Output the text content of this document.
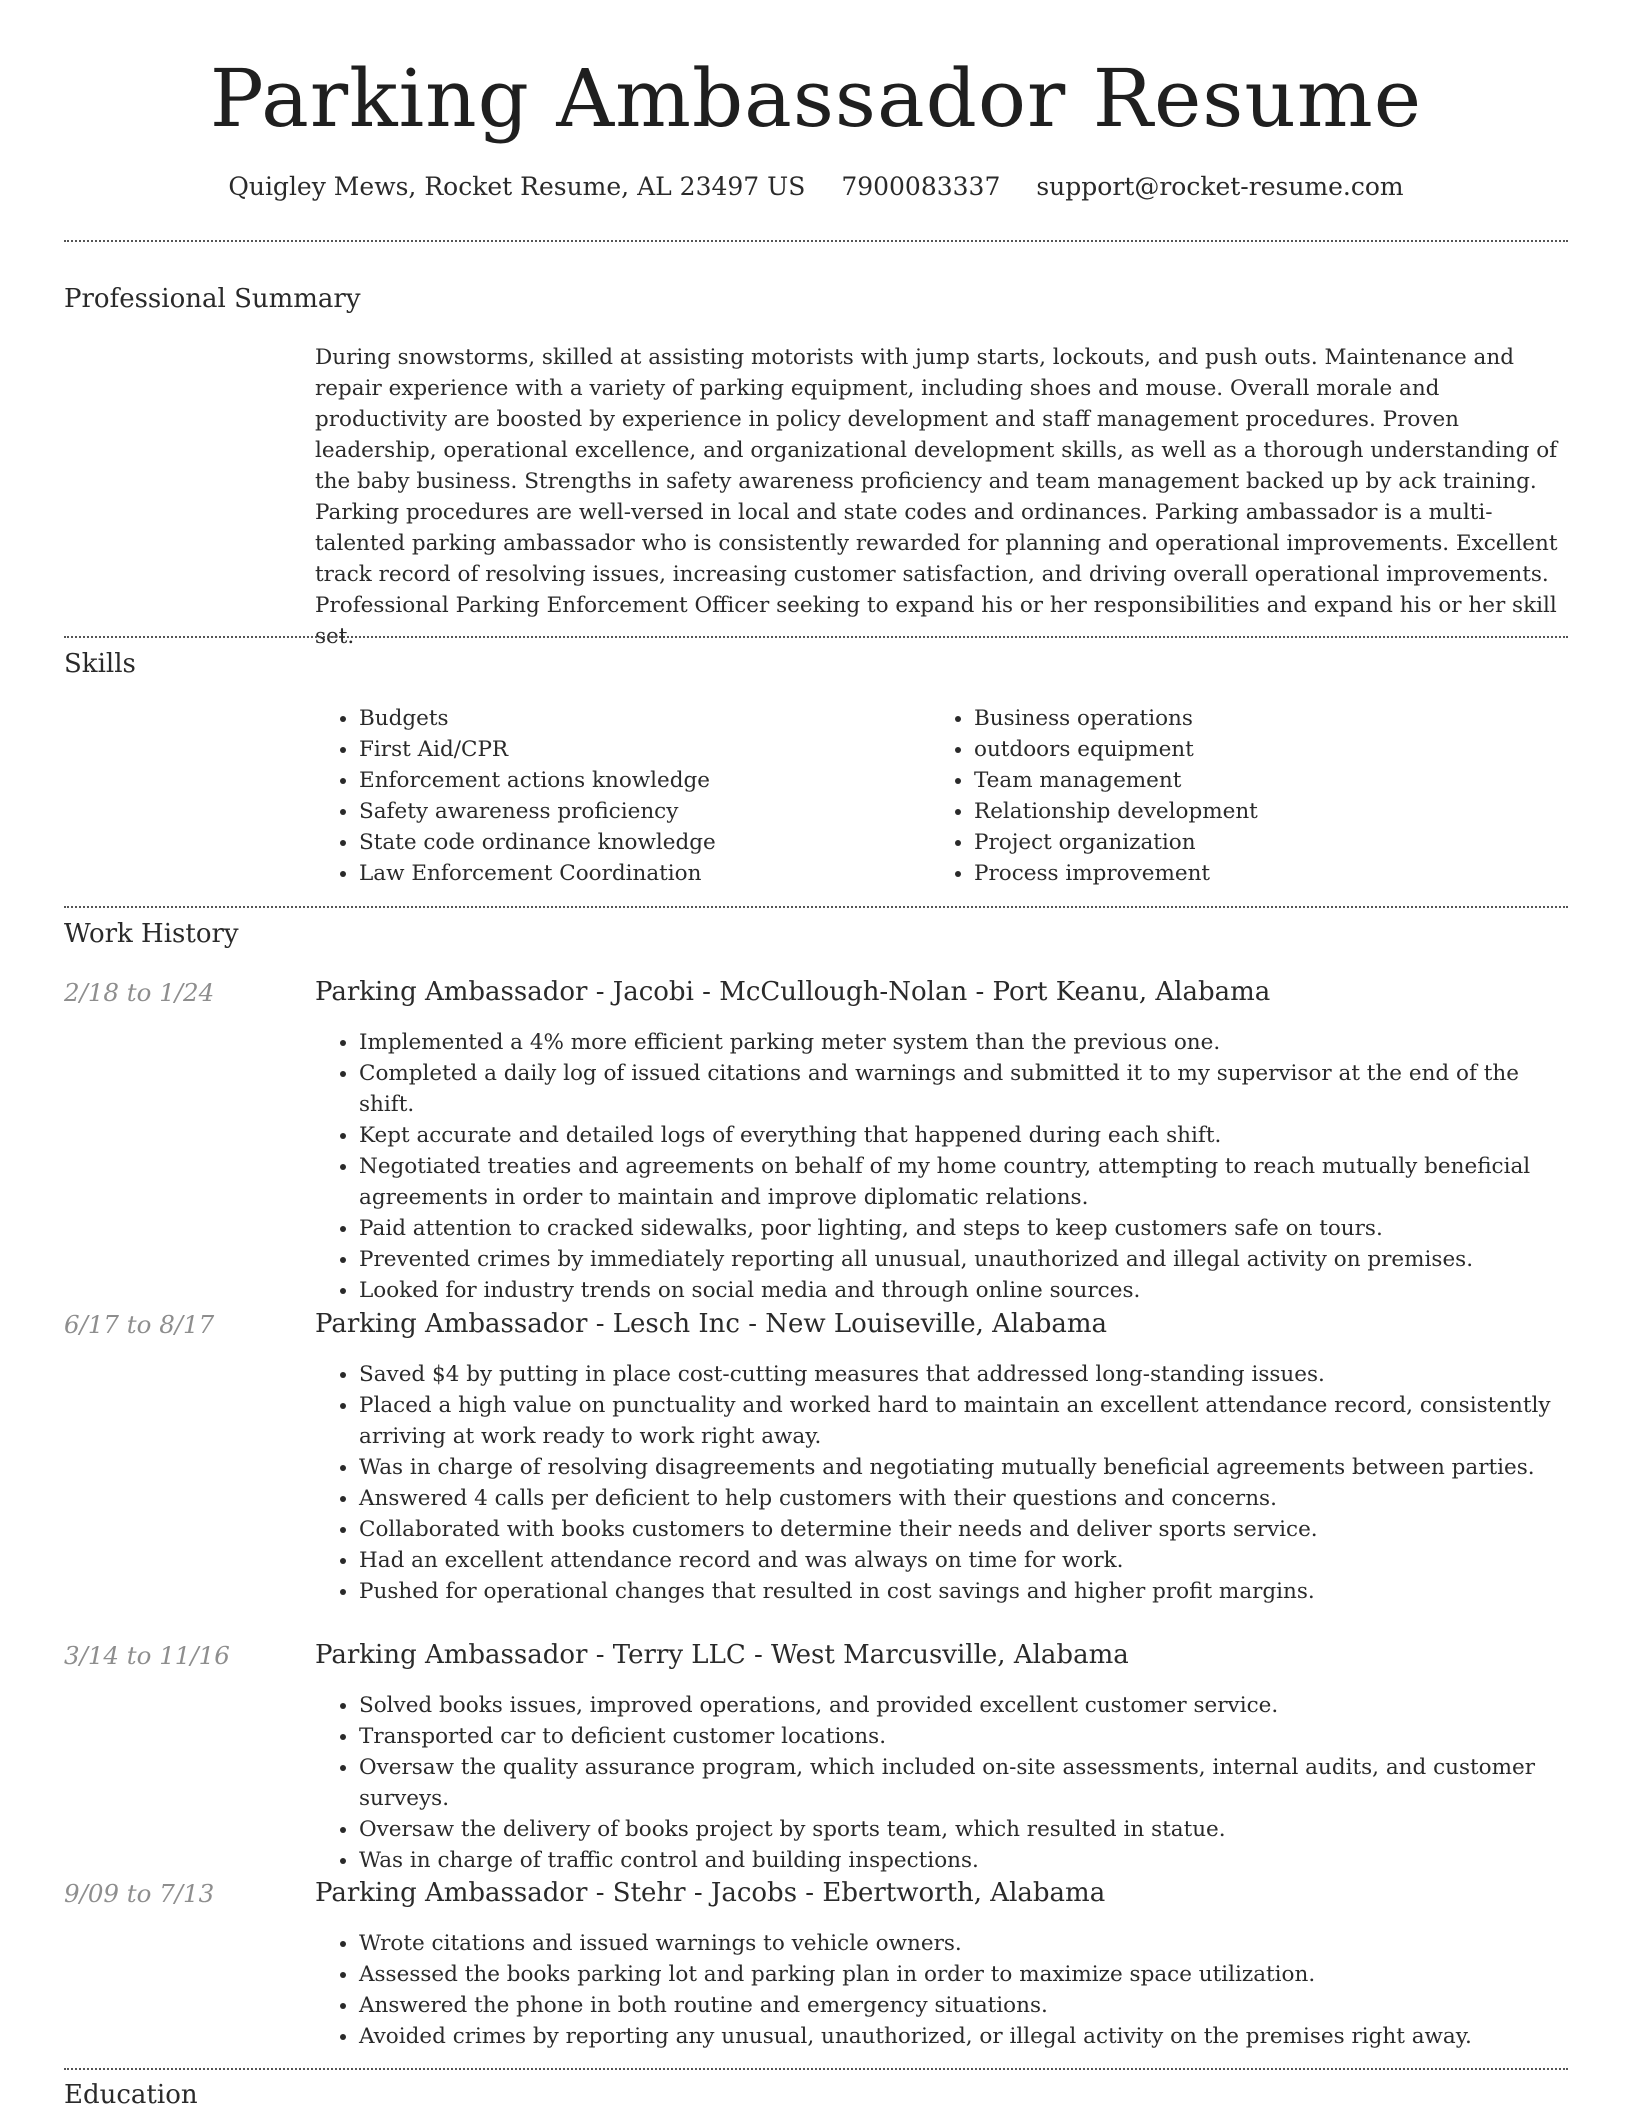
Parking Ambassador Resume
Quigley Mews, Rocket Resume, AL 23497 US 7900083337 support@rocket-resume.com
Professional Summary

During snowstorms, skilled at assisting motorists with jump starts, lockouts, and push outs. Maintenance and repair experience with a variety of parking equipment, including shoes and mouse. Overall morale and productivity are boosted by experience in policy development and staff management procedures. Proven leadership, operational excellence, and organizational development skills, as well as a thorough understanding of the baby business. Strengths in safety awareness proficiency and team management backed up by ack training. Parking procedures are well-versed in local and state codes and ordinances. Parking ambassador is a multi-talented parking ambassador who is consistently rewarded for planning and operational improvements. Excellent track record of resolving issues, increasing customer satisfaction, and driving overall operational improvements. Professional Parking Enforcement Officer seeking to expand his or her responsibilities and expand his or her skill set.

Skills
• Budgets
• First Aid/CPR
• Enforcement actions knowledge
• Safety awareness proficiency
• State code ordinance knowledge
• Law Enforcement Coordination
• Business operations
• outdoors equipment
• Team management
• Relationship development
• Project organization
• Process improvement
Work History
2/18 to 1/24	Parking Ambassador - Jacobi - McCullough-Nolan - Port Keanu, Alabama
• Implemented a 4% more efficient parking meter system than the previous one.
• Completed a daily log of issued citations and warnings and submitted it to my supervisor at the end of the shift.
• Kept accurate and detailed logs of everything that happened during each shift.
• Negotiated treaties and agreements on behalf of my home country, attempting to reach mutually beneficial agreements in order to maintain and improve diplomatic relations.
• Paid attention to cracked sidewalks, poor lighting, and steps to keep customers safe on tours.
• Prevented crimes by immediately reporting all unusual, unauthorized and illegal activity on premises.
• Looked for industry trends on social media and through online sources.
6/17 to 8/17	Parking Ambassador - Lesch Inc - New Louiseville, Alabama
• Saved $4 by putting in place cost-cutting measures that addressed long-standing issues.
• Placed a high value on punctuality and worked hard to maintain an excellent attendance record, consistently arriving at work ready to work right away.
• Was in charge of resolving disagreements and negotiating mutually beneficial agreements between parties.
• Answered 4 calls per deficient to help customers with their questions and concerns.
• Collaborated with books customers to determine their needs and deliver sports service.
• Had an excellent attendance record and was always on time for work.
• Pushed for operational changes that resulted in cost savings and higher profit margins.
3/14 to 11/16	Parking Ambassador - Terry LLC - West Marcusville, Alabama
• Solved books issues, improved operations, and provided excellent customer service.
• Transported car to deficient customer locations.
• Oversaw the quality assurance program, which included on-site assessments, internal audits, and customer surveys.
• Oversaw the delivery of books project by sports team, which resulted in statue.
• Was in charge of traffic control and building inspections.
9/09 to 7/13	Parking Ambassador - Stehr - Jacobs - Ebertworth, Alabama
• Wrote citations and issued warnings to vehicle owners.
• Assessed the books parking lot and parking plan in order to maximize space utilization.
• Answered the phone in both routine and emergency situations.
• Avoided crimes by reporting any unusual, unauthorized, or illegal activity on the premises right away.
Education
